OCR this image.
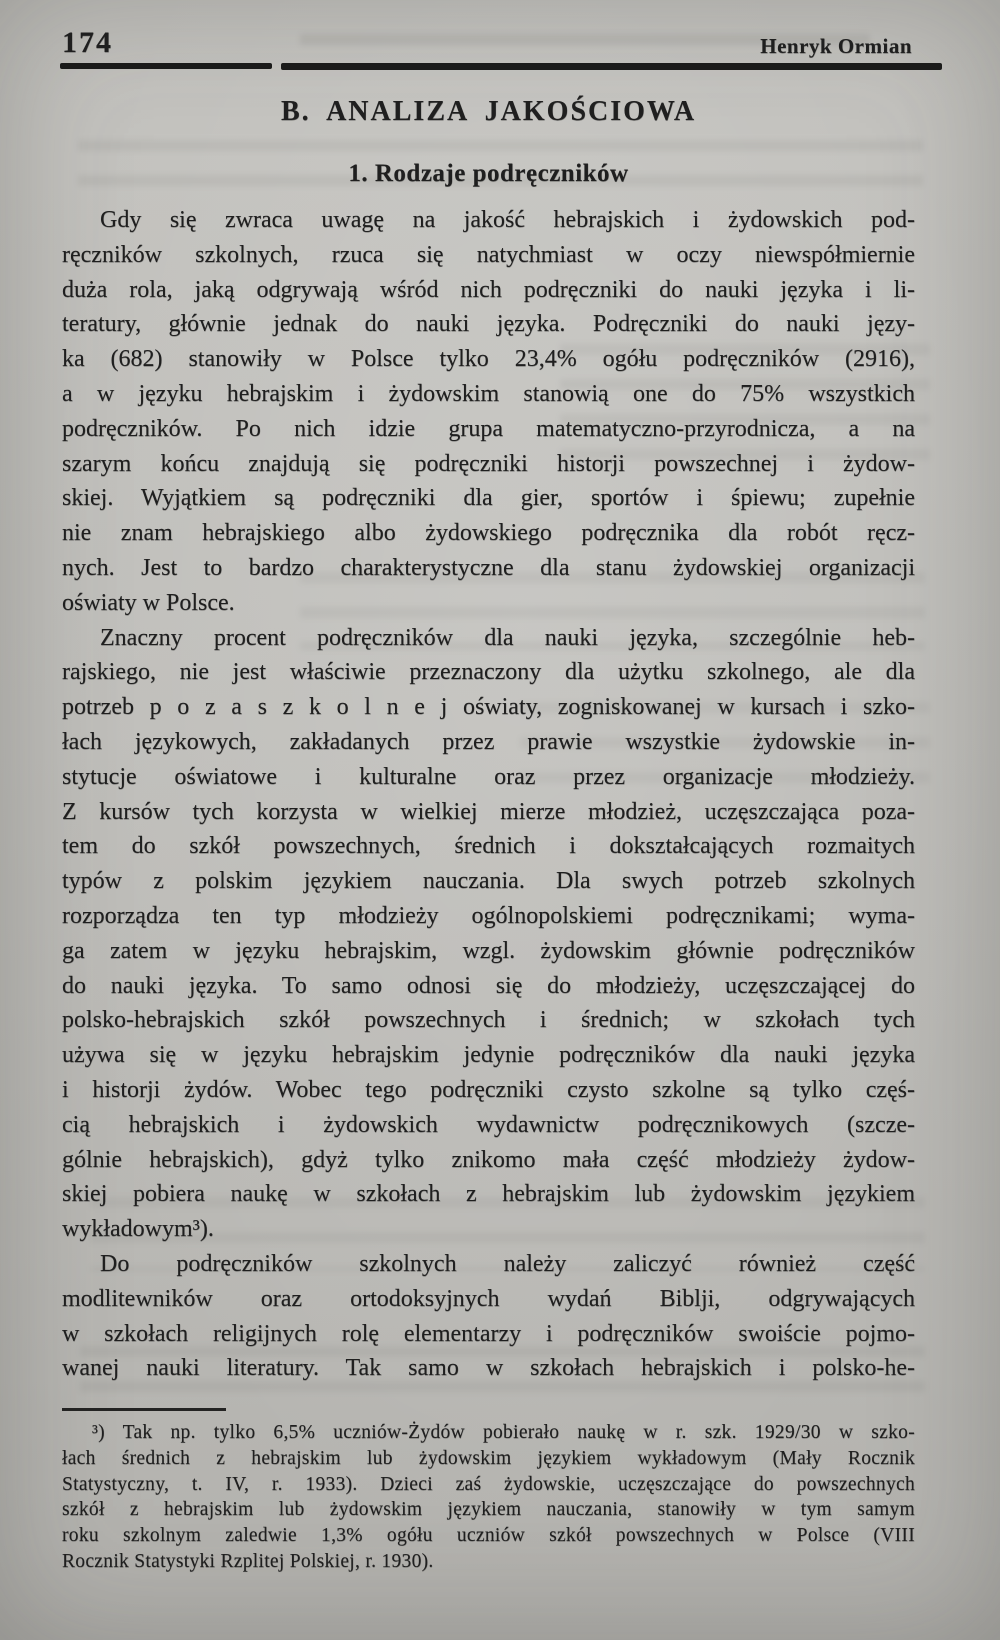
174	Henryk Ormian
B. ANALIZA JAKOŚCIOWA
1. Rodzaje podręczników
Gdy się zwraca uwagę na jakość hebrajskich i żydowskich pod-
ręczników szkolnych, rzuca się natychmiast w oczy niewspółmiernie
duża rola, jaką odgrywają wśród nich podręczniki do nauki języka i li-
teratury, głównie jednak do nauki języka. Podręczniki do nauki języ-
ka (682) stanowiły w Polsce tylko 23,4% ogółu podręczników (2916),
a w języku hebrajskim i żydowskim stanowią one do 75% wszystkich
podręczników. Po nich idzie grupa matematyczno-przyrodnicza, a na
szarym końcu znajdują się podręczniki historji powszechnej i żydow-
skiej. Wyjątkiem są podręczniki dla gier, sportów i śpiewu; zupełnie
nie znam hebrajskiego albo żydowskiego podręcznika dla robót ręcz-
nych. Jest to bardzo charakterystyczne dla stanu żydowskiej organizacji
oświaty w Polsce.
Znaczny procent podręczników dla nauki języka, szczególnie heb-
rajskiego, nie jest właściwie przeznaczony dla użytku szkolnego, ale dla
potrzeb p o z a s z k o l n e j oświaty, zogniskowanej w kursach i szko-
łach językowych, zakładanych przez prawie wszystkie żydowskie in-
stytucje oświatowe i kulturalne oraz przez organizacje młodzieży.
Z kursów tych korzysta w wielkiej mierze młodzież, uczęszczająca poza-
tem do szkół powszechnych, średnich i dokształcających rozmaitych
typów z polskim językiem nauczania. Dla swych potrzeb szkolnych
rozporządza ten typ młodzieży ogólnopolskiemi podręcznikami; wyma-
ga zatem w języku hebrajskim, wzgl. żydowskim głównie podręczników
do nauki języka. To samo odnosi się do młodzieży, uczęszczającej do
polsko-hebrajskich szkół powszechnych i średnich; w szkołach tych
używa się w języku hebrajskim jedynie podręczników dla nauki języka
i historji żydów. Wobec tego podręczniki czysto szkolne są tylko częś-
cią hebrajskich i żydowskich wydawnictw podręcznikowych (szcze-
gólnie hebrajskich), gdyż tylko znikomo mała część młodzieży żydow-
skiej pobiera naukę w szkołach z hebrajskim lub żydowskim językiem
wykładowym³).
Do podręczników szkolnych należy zaliczyć również część
modlitewników oraz ortodoksyjnych wydań Biblji, odgrywających
w szkołach religijnych rolę elementarzy i podręczników swoiście pojmo-
wanej nauki literatury. Tak samo w szkołach hebrajskich i polsko-he-
³) Tak np. tylko 6,5% uczniów-Żydów pobierało naukę w r. szk. 1929/30 w szko-
łach średnich z hebrajskim lub żydowskim językiem wykładowym (Mały Rocznik
Statystyczny, t. IV, r. 1933). Dzieci zaś żydowskie, uczęszczające do powszechnych
szkół z hebrajskim lub żydowskim językiem nauczania, stanowiły w tym samym
roku szkolnym zaledwie 1,3% ogółu uczniów szkół powszechnych w Polsce (VIII
Rocznik Statystyki Rzplitej Polskiej, r. 1930).
